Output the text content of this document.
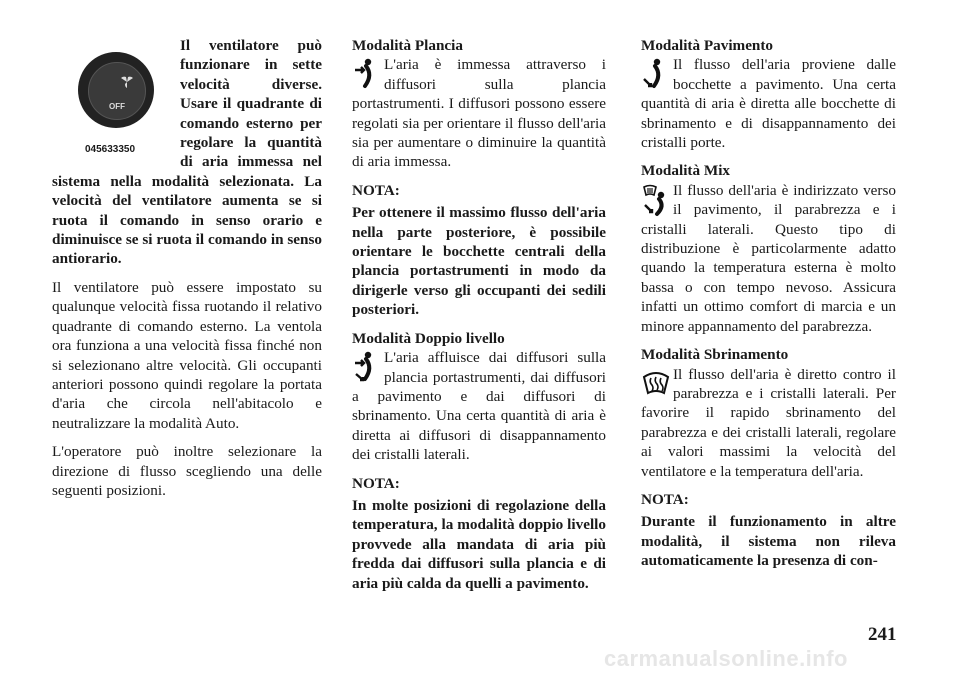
OFF
045633350

Il ventilatore può funzionare in sette velocità diverse. Usare il quadrante di comando esterno per regolare la quantità di aria immessa nel sistema nella modalità selezionata. La velocità del ventilatore aumenta se si ruota il comando in senso orario e diminuisce se si ruota il comando in senso antiorario.

Il ventilatore può essere impostato su qualunque velocità fissa ruotando il relativo quadrante di comando esterno. La ventola ora funziona a una velocità fissa finché non si selezionano altre velocità. Gli occupanti anteriori possono quindi regolare la portata d'aria che circola nell'abitacolo e neutralizzare la modalità Auto.

L'operatore può inoltre selezionare la direzione di flusso scegliendo una delle seguenti posizioni.

Modalità Plancia

L'aria è immessa attraverso i diffusori sulla plancia portastrumenti. I diffusori possono essere regolati sia per orientare il flusso dell'aria sia per aumentare o diminuire la quantità di aria immessa.

NOTA:

Per ottenere il massimo flusso dell'aria nella parte posteriore, è possibile orientare le bocchette centrali della plancia portastrumenti in modo da dirigerle verso gli occupanti dei sedili posteriori.

Modalità Doppio livello

L'aria affluisce dai diffusori sulla plancia portastrumenti, dai diffusori a pavimento e dai diffusori di sbrinamento. Una certa quantità di aria è diretta ai diffusori di disappannamento dei cristalli laterali.

NOTA:

In molte posizioni di regolazione della temperatura, la modalità doppio livello provvede alla mandata di aria più fredda dai diffusori sulla plancia e di aria più calda da quelli a pavimento.

Modalità Pavimento

Il flusso dell'aria proviene dalle bocchette a pavimento. Una certa quantità di aria è diretta alle bocchette di sbrinamento e di disappannamento dei cristalli porte.

Modalità Mix

Il flusso dell'aria è indirizzato verso il pavimento, il parabrezza e i cristalli laterali. Questo tipo di distribuzione è particolarmente adatto quando la temperatura esterna è molto bassa o con tempo nevoso. Assicura infatti un ottimo comfort di marcia e un minore appannamento del parabrezza.

Modalità Sbrinamento

Il flusso dell'aria è diretto contro il parabrezza e i cristalli laterali. Per favorire il rapido sbrinamento del parabrezza e dei cristalli laterali, regolare ai valori massimi la velocità del ventilatore e la temperatura dell'aria.

NOTA:

Durante il funzionamento in altre modalità, il sistema non rileva automaticamente la presenza di con-

241
carmanualsonline.info
